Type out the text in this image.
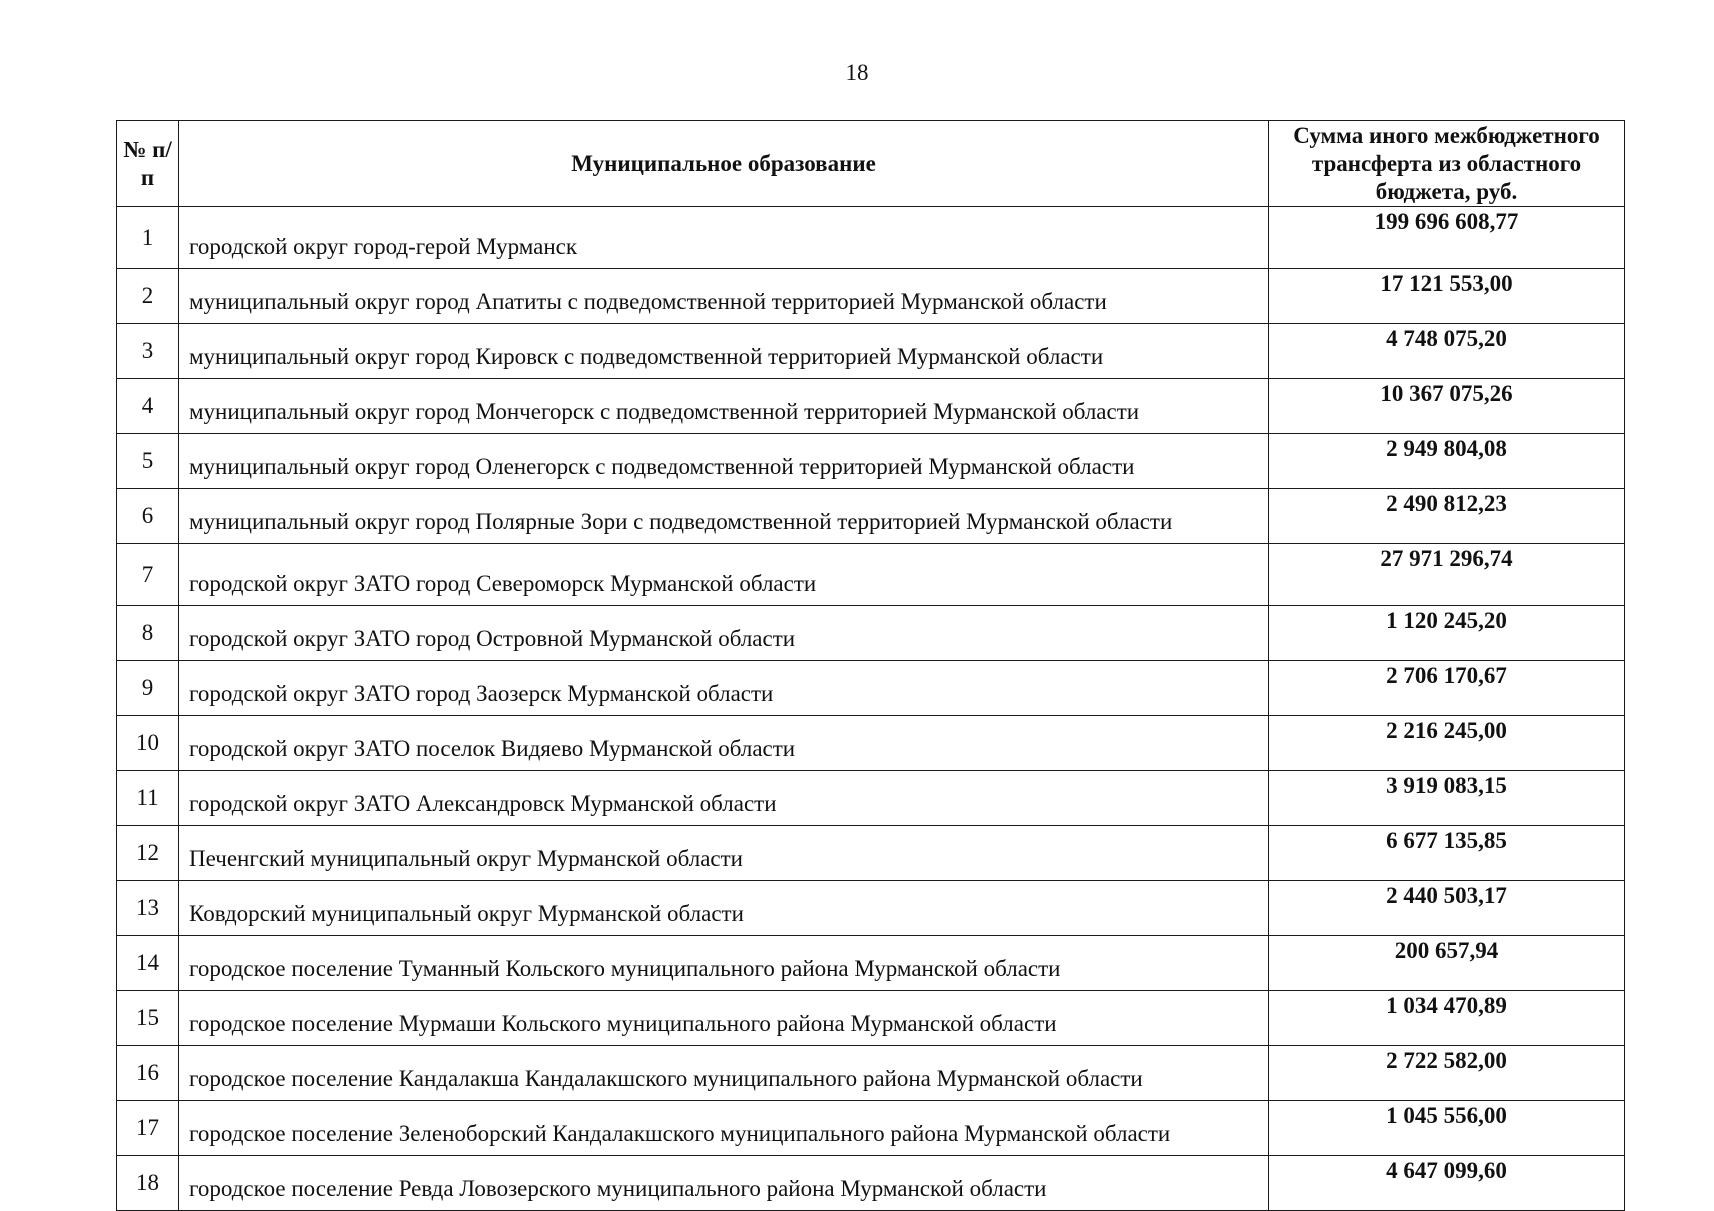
18
№ п/п	Муниципальное образование	Сумма иного межбюджетного трансферта из областного бюджета, руб.
1	городской округ город-герой Мурманск	199 696 608,77
2	муниципальный округ город Апатиты с подведомственной территорией Мурманской области	17 121 553,00
3	муниципальный округ город Кировск с подведомственной территорией Мурманской области	4 748 075,20
4	муниципальный округ город Мончегорск с подведомственной территорией Мурманской области	10 367 075,26
5	муниципальный округ город Оленегорск с подведомственной территорией Мурманской области	2 949 804,08
6	муниципальный округ город Полярные Зори с подведомственной территорией Мурманской области	2 490 812,23
7	городской округ ЗАТО город Североморск Мурманской области	27 971 296,74
8	городской округ ЗАТО город Островной Мурманской области	1 120 245,20
9	городской округ ЗАТО город Заозерск Мурманской области	2 706 170,67
10	городской округ ЗАТО поселок Видяево Мурманской области	2 216 245,00
11	городской округ ЗАТО Александровск Мурманской области	3 919 083,15
12	Печенгский муниципальный округ Мурманской области	6 677 135,85
13	Ковдорский муниципальный округ Мурманской области	2 440 503,17
14	городское поселение Туманный Кольского муниципального района Мурманской области	200 657,94
15	городское поселение Мурмаши Кольского муниципального района Мурманской области	1 034 470,89
16	городское поселение Кандалакша Кандалакшского муниципального района Мурманской области	2 722 582,00
17	городское поселение Зеленоборский Кандалакшского муниципального района Мурманской области	1 045 556,00
18	городское поселение Ревда Ловозерского муниципального района Мурманской области	4 647 099,60
